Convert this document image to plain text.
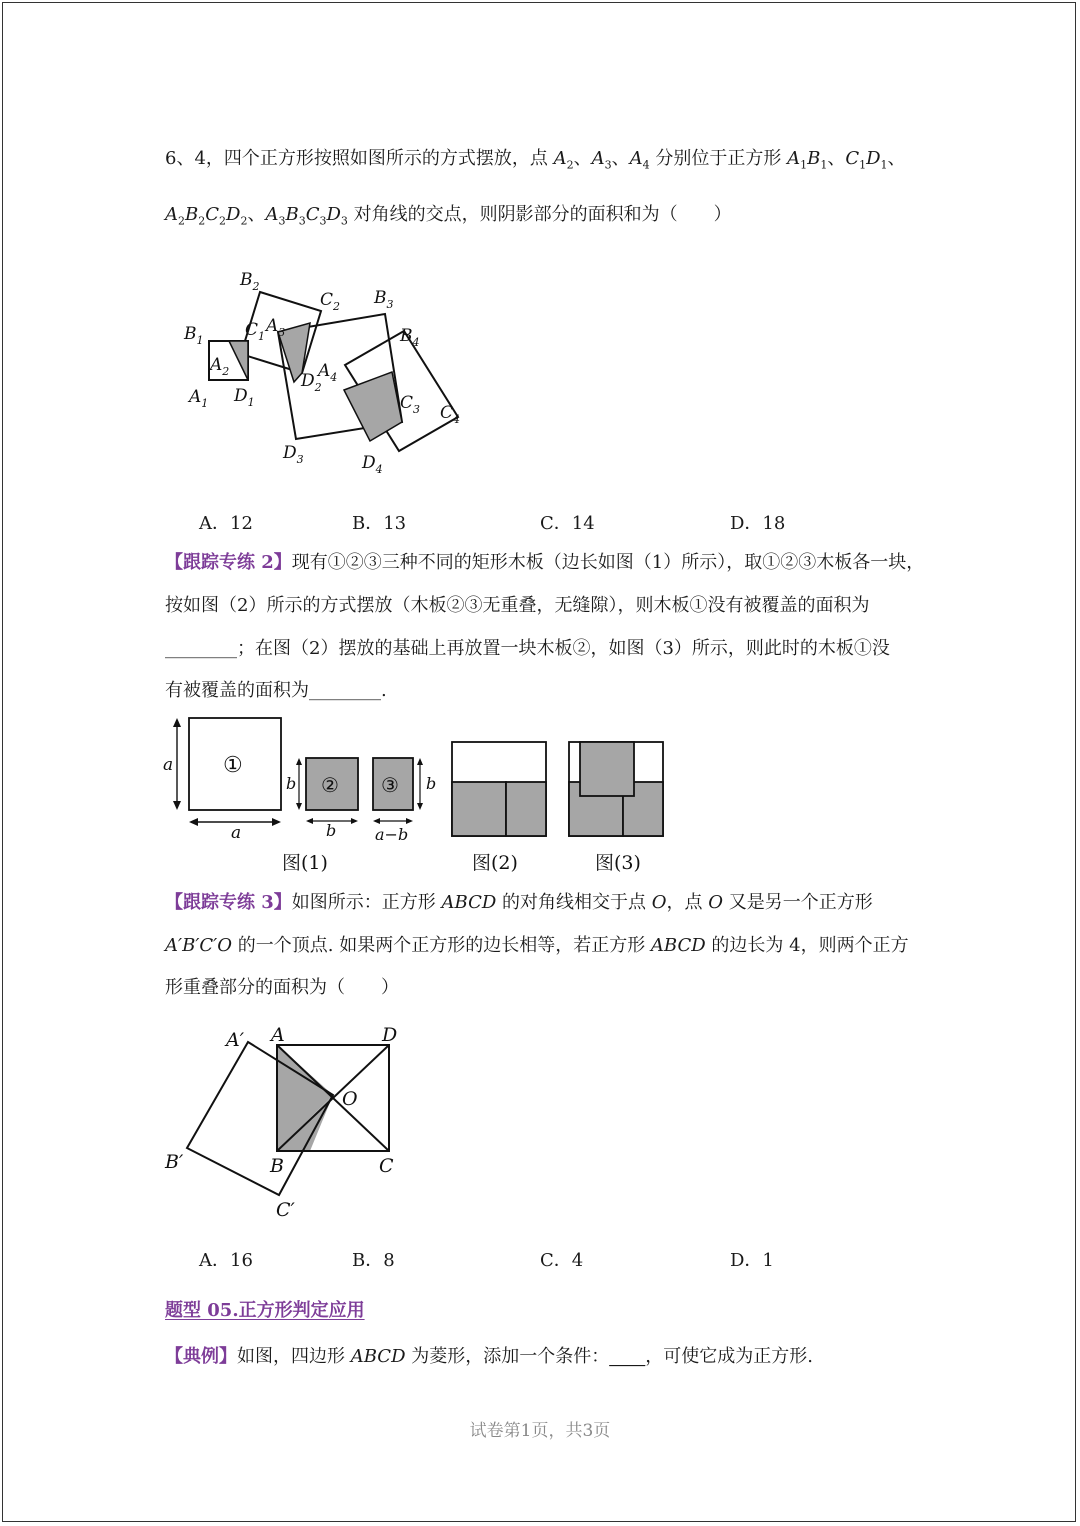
6、4，四个正方形按照如图所示的方式摆放，点 $A_2$、$A_3$、$A_4$ 分别位于正方形 $A_1B_1$、$C_1D_1$、
$A_2B_2C_2D_2$、$A_3B_3C_3D_3$ 对角线的交点，则阴影部分的面积和为（　　）
$B_2$
$C_2$ $B_3$
$B_1$
$C_1$
$A_3$	$B_4$
$A_2$	$D_2$
$A_4$
$A_1$ $D_1$	$C_3$ $C_4$
$D_3$	$D_4$
A．12	B．13	C．14	D．18
【跟踪专练 2】现有①②③三种不同的矩形木板（边长如图（1）所示），取①②③木板各一块，
按如图（2）所示的方式摆放（木板②③无重叠，无缝隙），则木板①没有被覆盖的面积为
________；在图（2）摆放的基础上再放置一块木板②，如图（3）所示，则此时的木板①没
有被覆盖的面积为________.
a ①
a
b ②
b
③ b
a−b
图(1)	图(2)	图(3)
【跟踪专练 3】如图所示：正方形 ABCD 的对角线相交于点 O，点 O 又是另一个正方形
A′B′C′O 的一个顶点. 如果两个正方形的边长相等，若正方形 ABCD 的边长为 4，则两个正方
形重叠部分的面积为（　　）
A′ A	D
O
B′	B	C
C′
A．16	B．8	C．4	D．1
题型 05.正方形判定应用
【典例】如图，四边形 ABCD 为菱形，添加一个条件：____，可使它成为正方形.
试卷第1页，共3页
